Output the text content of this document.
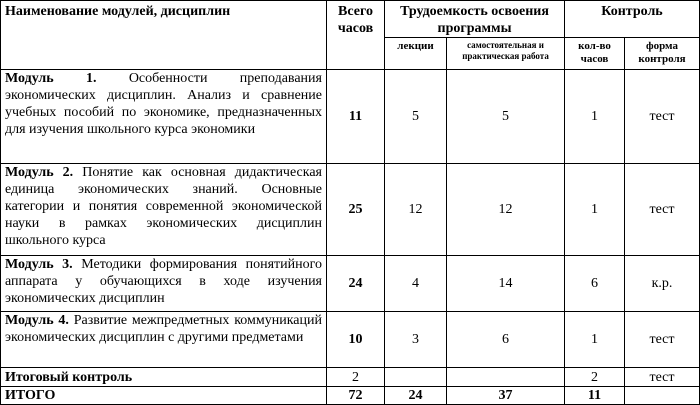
Наименование модулей, дисциплин	Всего часов	Трудоемкость освоения программы		Контроль	
		лекции	самостоятельная и практическая работа	кол-во часов	форма контроля
Модуль 1. Особенности преподавания экономических дисциплин. Анализ и сравнение учебных пособий по экономике, предназначенных для изучения школьного курса экономики	11	5	5	1	тест
Модуль 2. Понятие как основная дидактическая единица экономических знаний. Основные категории и понятия современной экономической науки в рамках экономических дисциплин школьного курса	25	12	12	1	тест
Модуль 3. Методики формирования понятийного аппарата у обучающихся в ходе изучения экономических дисциплин	24	4	14	6	к.р.
Модуль 4. Развитие межпредметных коммуникаций экономических дисциплин с другими предметами	10	3	6	1	тест
Итоговый контроль	2			2	тест
ИТОГО	72	24	37	11	
